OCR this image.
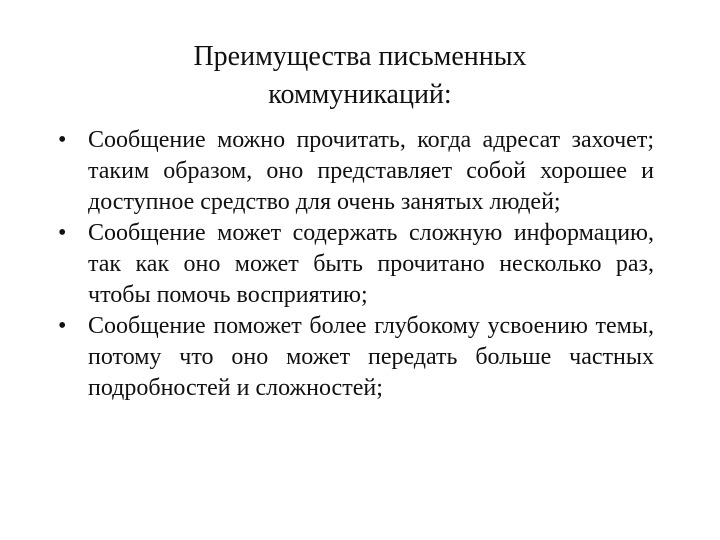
Преимущества письменных
коммуникаций:
• Сообщение можно прочитать, когда адресат захочет; таким образом, оно представляет собой хорошее и доступное средство для очень занятых людей;
• Сообщение может содержать сложную информацию, так как оно может быть прочитано несколько раз, чтобы помочь восприятию;
• Сообщение поможет более глубокому усвоению темы, потому что оно может передать больше частных подробностей и сложностей;
